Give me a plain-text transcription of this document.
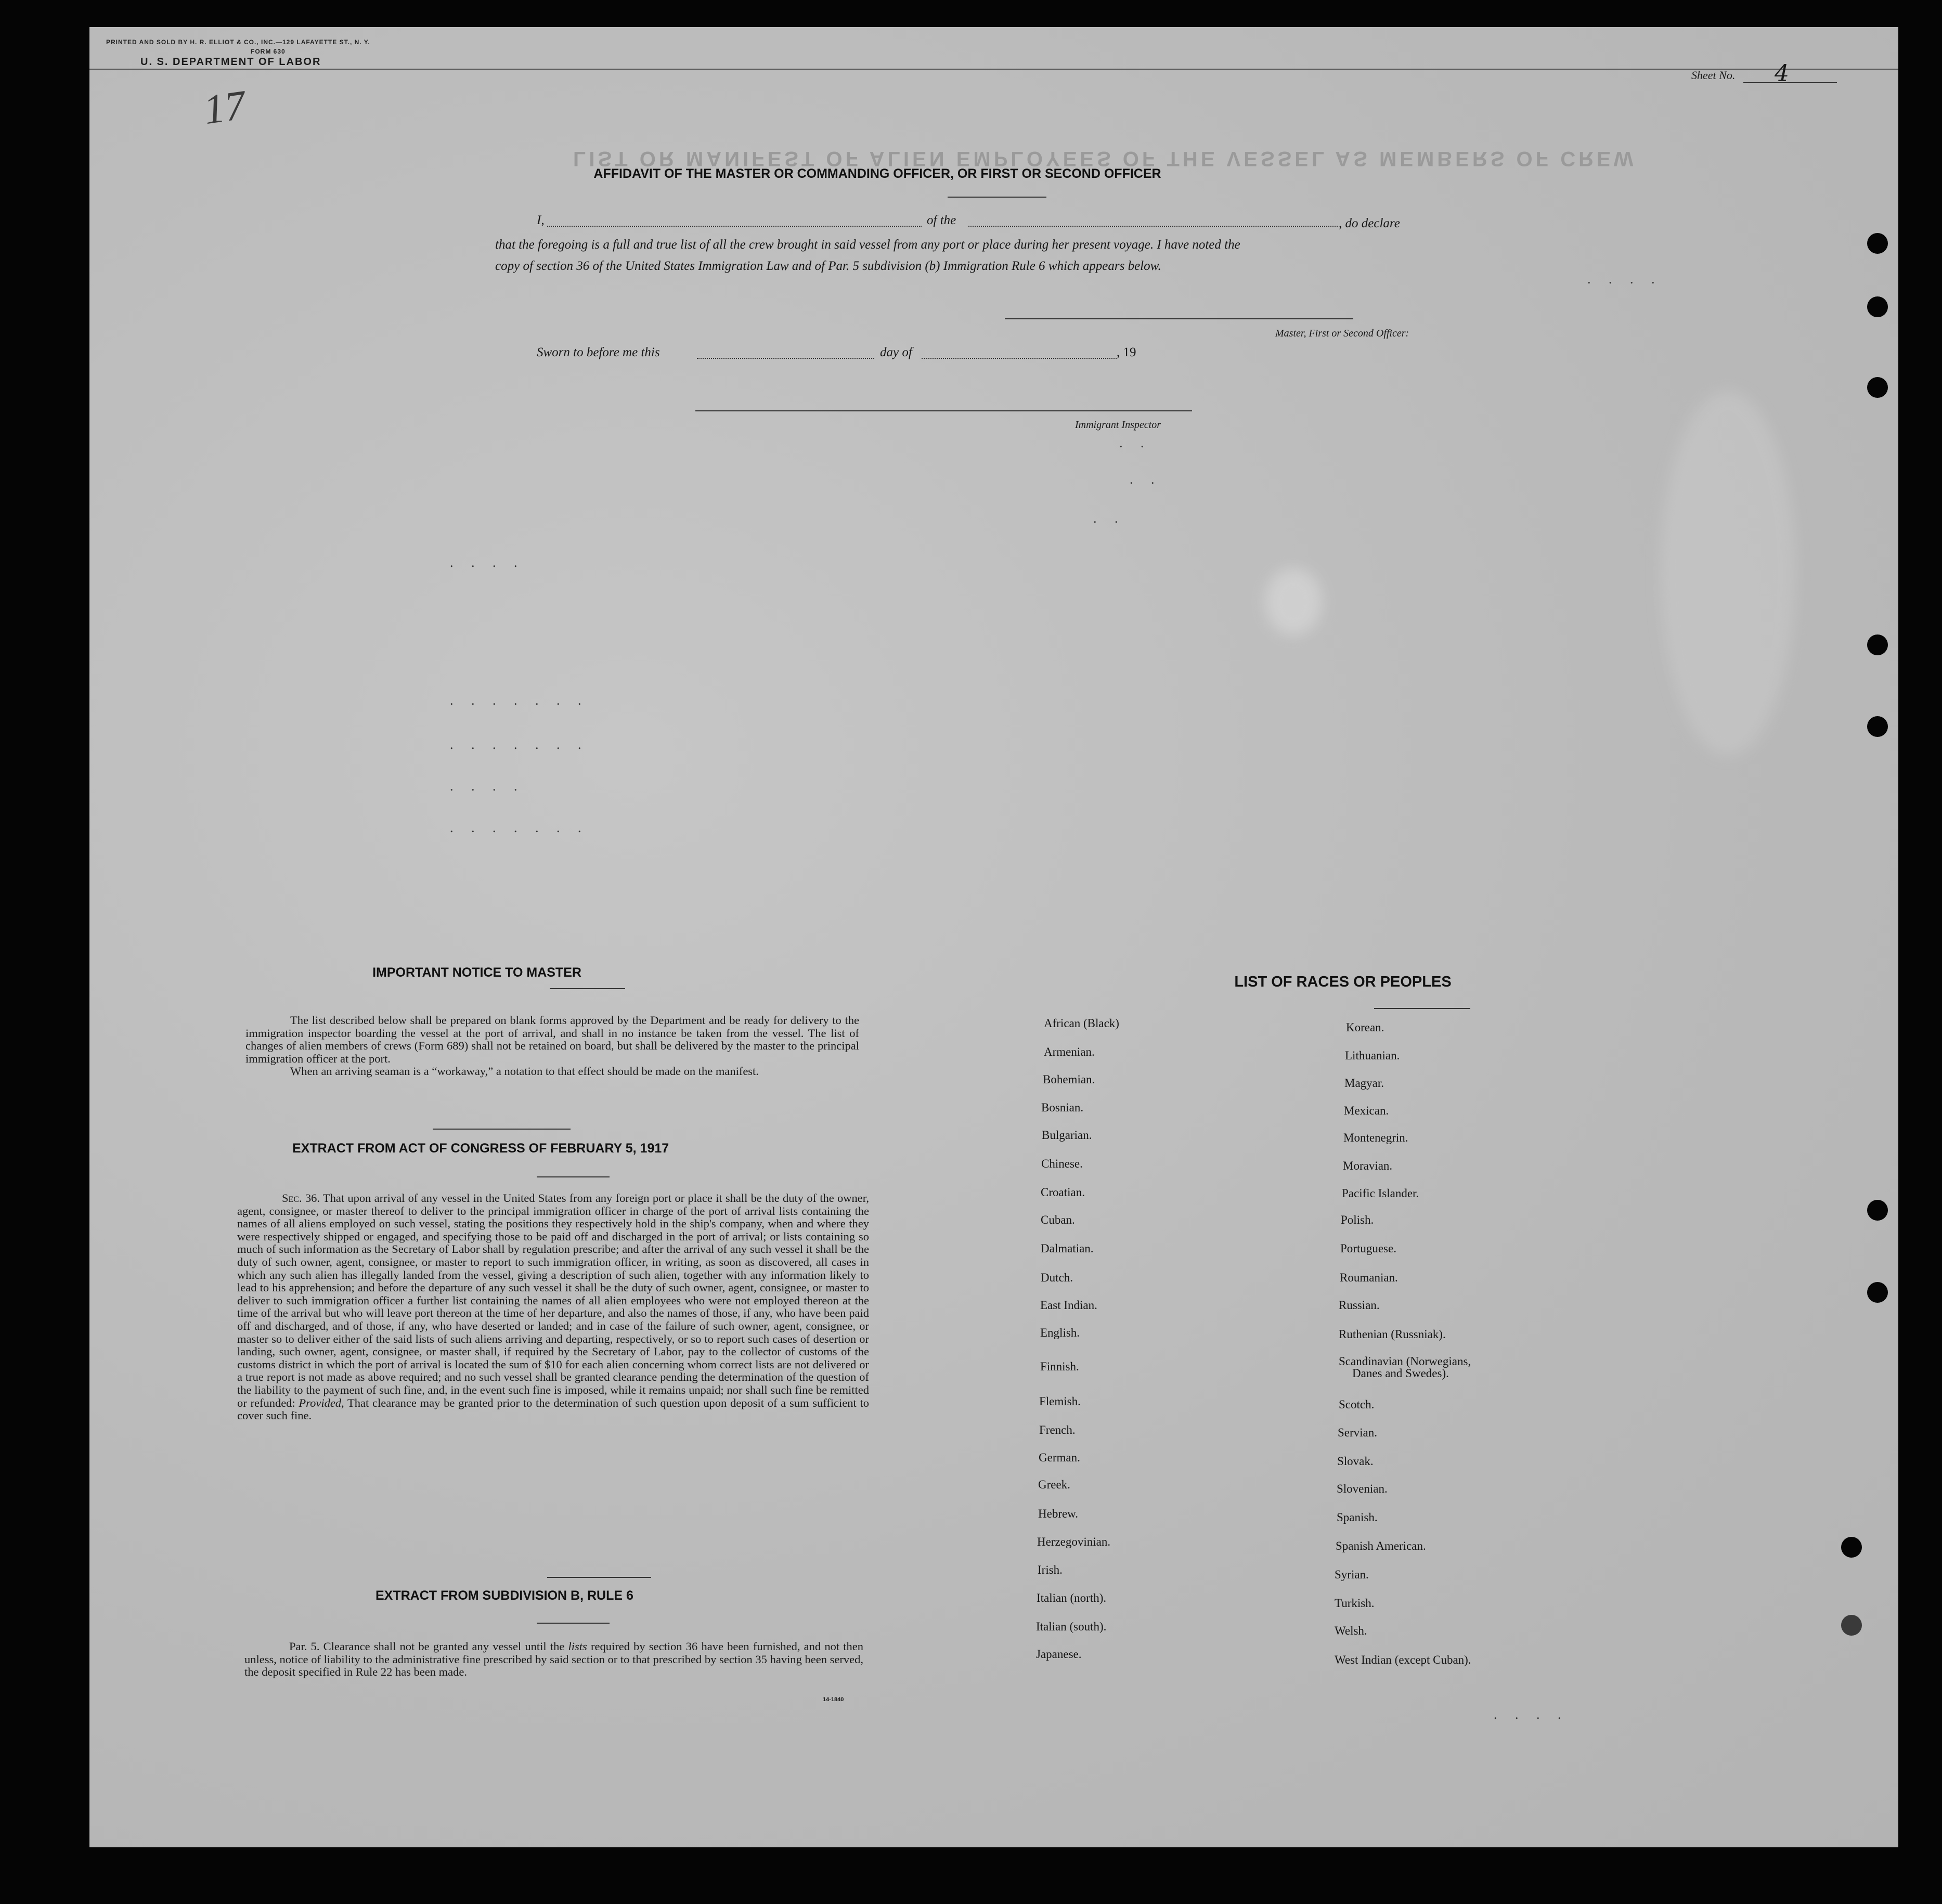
LIST OR MANIFEST OF ALIEN EMPLOYEES OF THE VESSEL AS MEMBERS OF CREW
. .
. .
. .
. . . .
. . . . . . .
. . . . . . .
. . . .
. . . . . . .
. . . .
. . . .
PRINTED AND SOLD BY H. R. ELLIOT & CO., INC.—129 LAFAYETTE ST., N. Y.
FORM 630
U. S. DEPARTMENT OF LABOR
Sheet No. 4
17
AFFIDAVIT OF THE MASTER OR COMMANDING OFFICER, OR FIRST OR SECOND OFFICER
I,	of the	, do declare
that the foregoing is a full and true list of all the crew brought in said vessel from any port or place during her present voyage. I have noted the
copy of section 36 of the United States Immigration Law and of Par. 5 subdivision (b) Immigration Rule 6 which appears below.
Master, First or Second Officer:
Sworn to before me this	day of	, 19
Immigrant Inspector
IMPORTANT NOTICE TO MASTER

The list described below shall be prepared on blank forms approved by the Department and be ready for delivery to the immigration inspector boarding the vessel at the port of arrival, and shall in no instance be taken from the vessel. The list of changes of alien members of crews (Form 689) shall not be retained on board, but shall be delivered by the master to the principal immigration officer at the port.

When an arriving seaman is a “workaway,” a notation to that effect should be made on the manifest.

EXTRACT FROM ACT OF CONGRESS OF FEBRUARY 5, 1917

Sec. 36. That upon arrival of any vessel in the United States from any foreign port or place it shall be the duty of the owner, agent, consignee, or master thereof to deliver to the principal immigration officer in charge of the port of arrival lists containing the names of all aliens employed on such vessel, stating the positions they respectively hold in the ship's company, when and where they were respectively shipped or engaged, and specifying those to be paid off and discharged in the port of arrival; or lists containing so much of such information as the Secretary of Labor shall by regulation prescribe; and after the arrival of any such vessel it shall be the duty of such owner, agent, consignee, or master to report to such immigration officer, in writing, as soon as discovered, all cases in which any such alien has illegally landed from the vessel, giving a description of such alien, together with any information likely to lead to his apprehension; and before the departure of any such vessel it shall be the duty of such owner, agent, consignee, or master to deliver to such immigration officer a further list containing the names of all alien employees who were not employed thereon at the time of the arrival but who will leave port thereon at the time of her departure, and also the names of those, if any, who have been paid off and discharged, and of those, if any, who have deserted or landed; and in case of the failure of such owner, agent, consignee, or master so to deliver either of the said lists of such aliens arriving and departing, respectively, or so to report such cases of desertion or landing, such owner, agent, consignee, or master shall, if required by the Secretary of Labor, pay to the collector of customs of the customs district in which the port of arrival is located the sum of $10 for each alien concerning whom correct lists are not delivered or a true report is not made as above required; and no such vessel shall be granted clearance pending the determination of the question of the liability to the payment of such fine, and, in the event such fine is imposed, while it remains unpaid; nor shall such fine be remitted or refunded: Provided, That clearance may be granted prior to the determination of such question upon deposit of a sum sufficient to cover such fine.

EXTRACT FROM SUBDIVISION B, RULE 6

Par. 5. Clearance shall not be granted any vessel until the lists required by section 36 have been furnished, and not then unless, notice of liability to the administrative fine prescribed by said section or to that prescribed by section 35 having been served, the deposit specified in Rule 22 has been made.

14-1840
LIST OF RACES OR PEOPLES
African (Black)
Armenian.
Bohemian.
Bosnian.
Bulgarian.
Chinese.
Croatian.
Cuban.
Dalmatian.
Dutch.
East Indian.
English.
Finnish.
Flemish.
French.
German.
Greek.
Hebrew.
Herzegovinian.
Irish.
Italian (north).
Italian (south).
Japanese.
Korean.
Lithuanian.
Magyar.
Mexican.
Montenegrin.
Moravian.
Pacific Islander.
Polish.
Portuguese.
Roumanian.
Russian.
Ruthenian (Russniak).
Scandinavian (Norwegians,
Danes and Swedes).
Scotch.
Servian.
Slovak.
Slovenian.
Spanish.
Spanish American.
Syrian.
Turkish.
Welsh.
West Indian (except Cuban).
